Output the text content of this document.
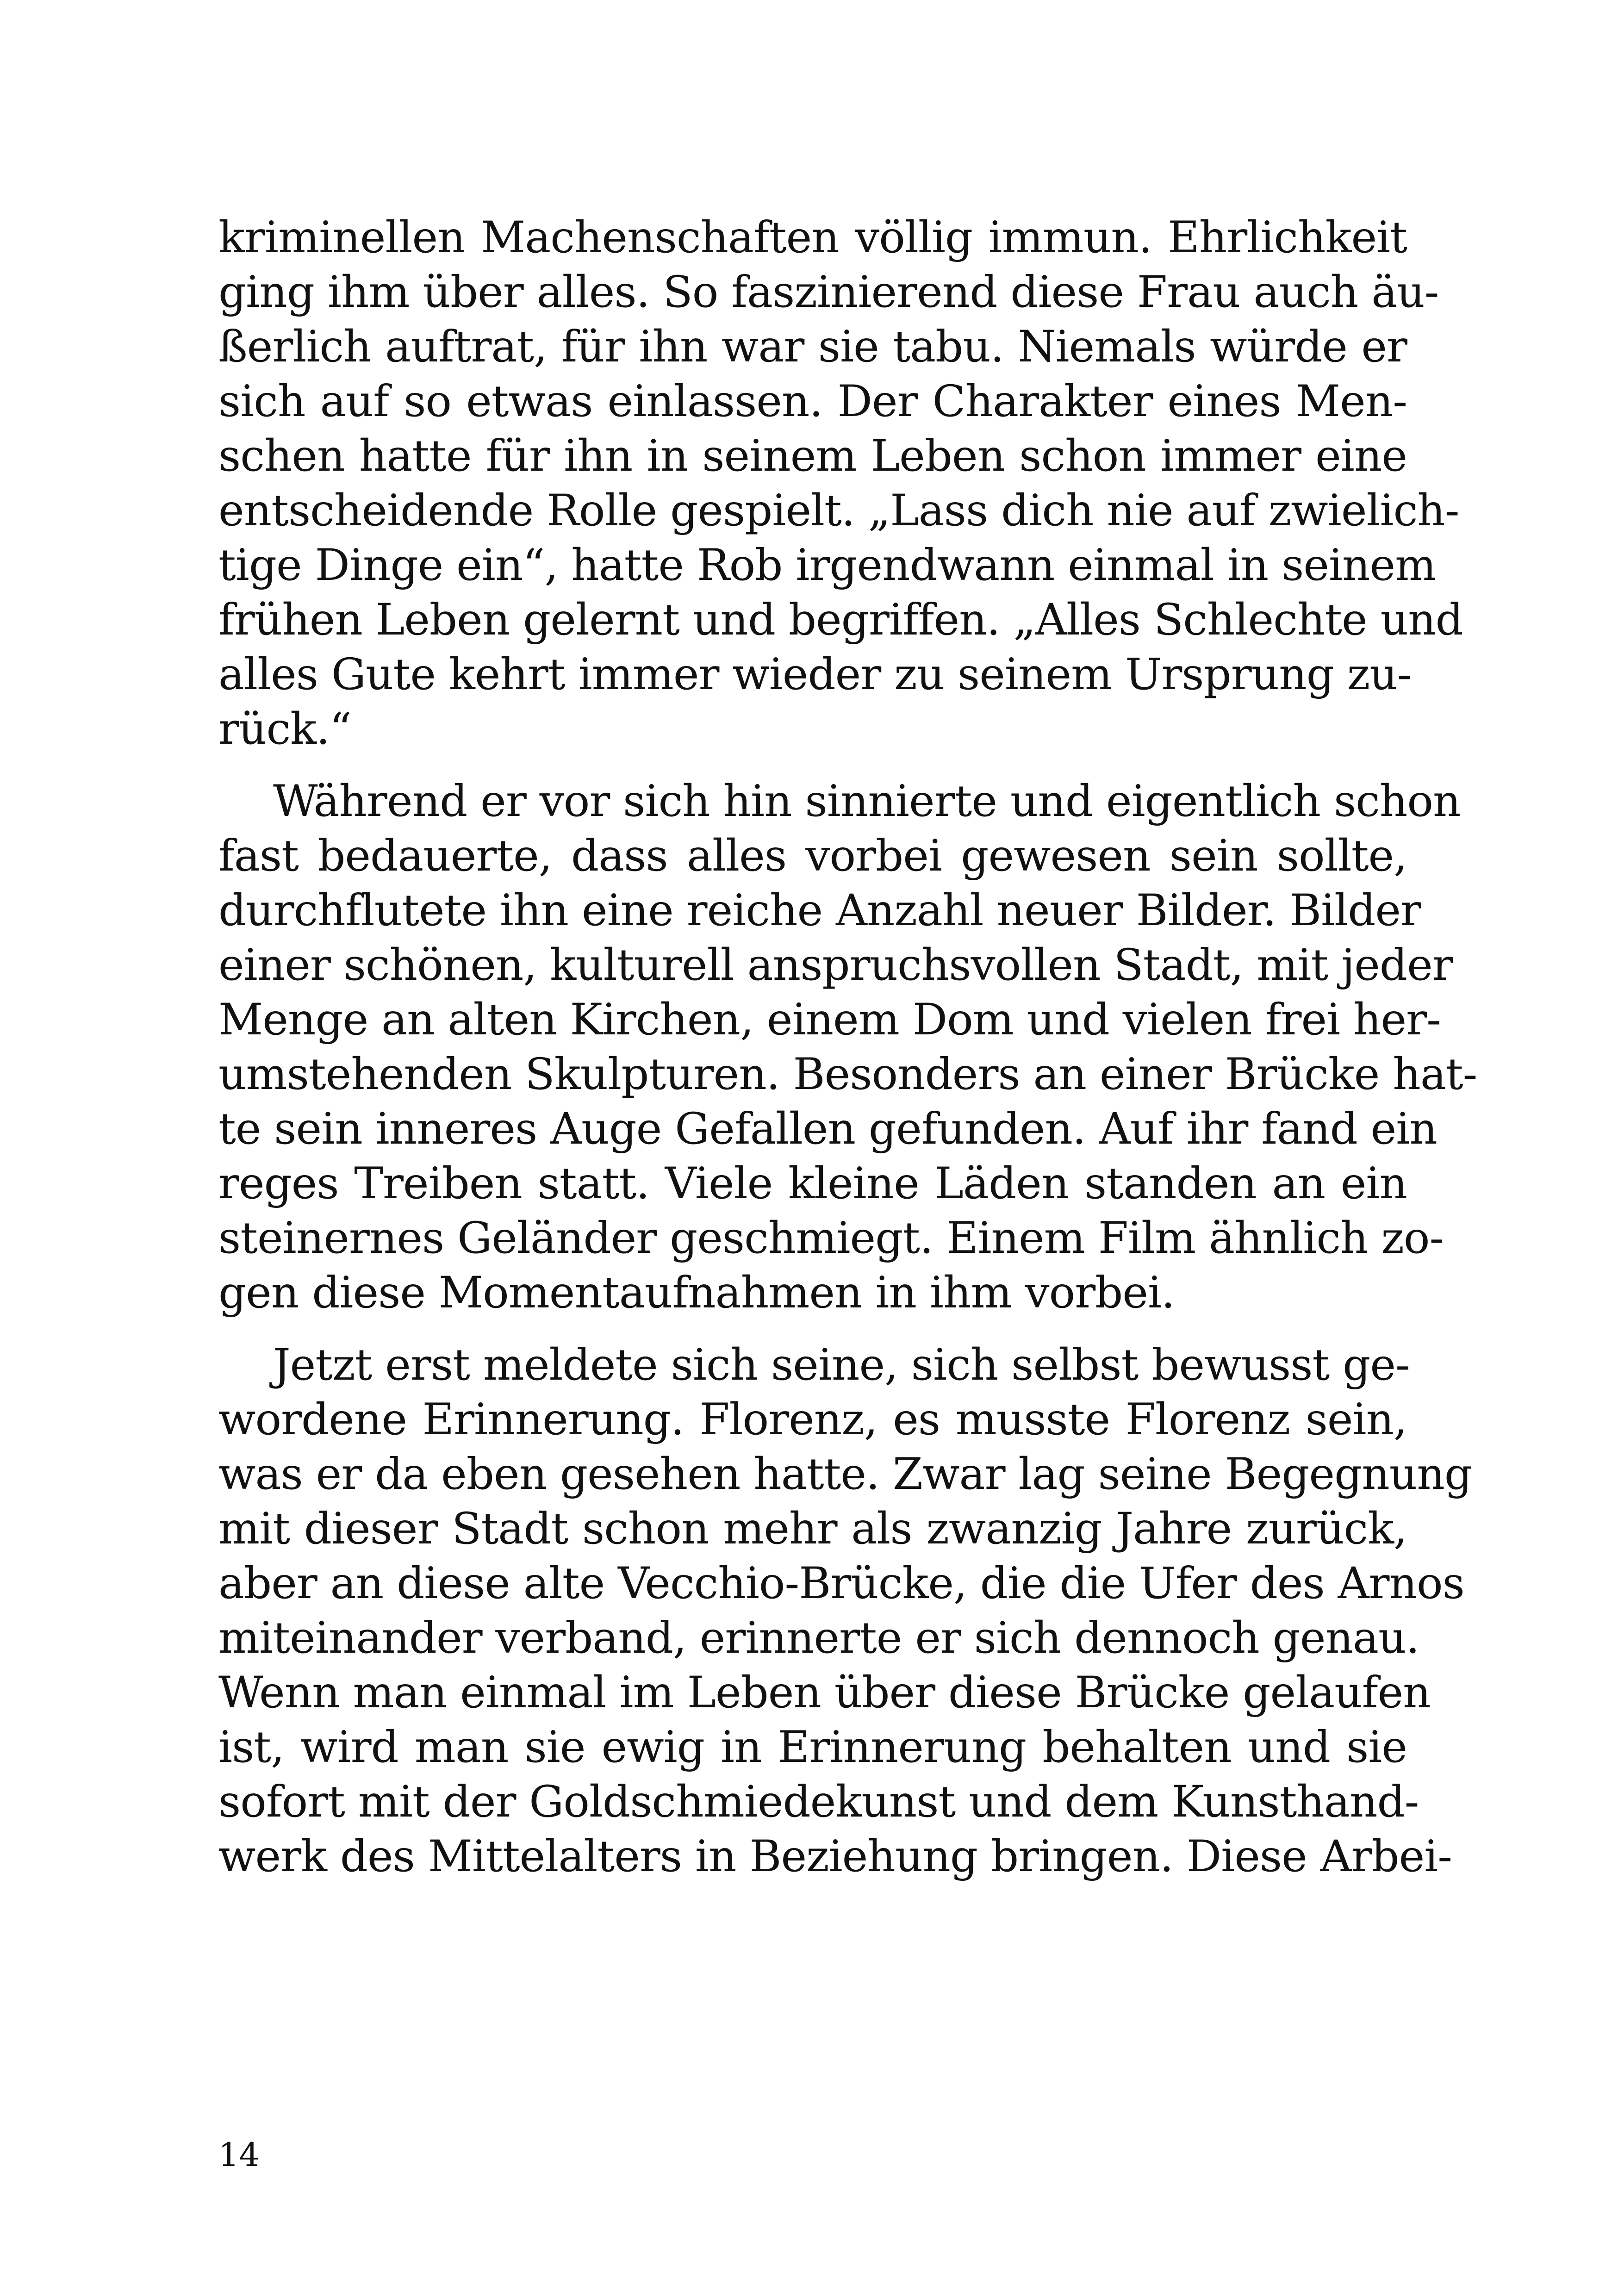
kriminellen Machenschaften völlig immun. Ehrlichkeit
ging ihm über alles. So faszinierend diese Frau auch äu-
ßerlich auftrat, für ihn war sie tabu. Niemals würde er
sich auf so etwas einlassen. Der Charakter eines Men-
schen hatte für ihn in seinem Leben schon immer eine
entscheidende Rolle gespielt. „Lass dich nie auf zwielich-
tige Dinge ein“, hatte Rob irgendwann einmal in seinem
frühen Leben gelernt und begriffen. „Alles Schlechte und
alles Gute kehrt immer wieder zu seinem Ursprung zu-
rück.“
Während er vor sich hin sinnierte und eigentlich schon
fast bedauerte, dass alles vorbei gewesen sein sollte,
durchflutete ihn eine reiche Anzahl neuer Bilder. Bilder
einer schönen, kulturell anspruchsvollen Stadt, mit jeder
Menge an alten Kirchen, einem Dom und vielen frei her-
umstehenden Skulpturen. Besonders an einer Brücke hat-
te sein inneres Auge Gefallen gefunden. Auf ihr fand ein
reges Treiben statt. Viele kleine Läden standen an ein
steinernes Geländer geschmiegt. Einem Film ähnlich zo-
gen diese Momentaufnahmen in ihm vorbei.
Jetzt erst meldete sich seine, sich selbst bewusst ge-
wordene Erinnerung. Florenz, es musste Florenz sein,
was er da eben gesehen hatte. Zwar lag seine Begegnung
mit dieser Stadt schon mehr als zwanzig Jahre zurück,
aber an diese alte Vecchio-Brücke, die die Ufer des Arnos
miteinander verband, erinnerte er sich dennoch genau.
Wenn man einmal im Leben über diese Brücke gelaufen
ist, wird man sie ewig in Erinnerung behalten und sie
sofort mit der Goldschmiedekunst und dem Kunsthand-
werk des Mittelalters in Beziehung bringen. Diese Arbei-
14
